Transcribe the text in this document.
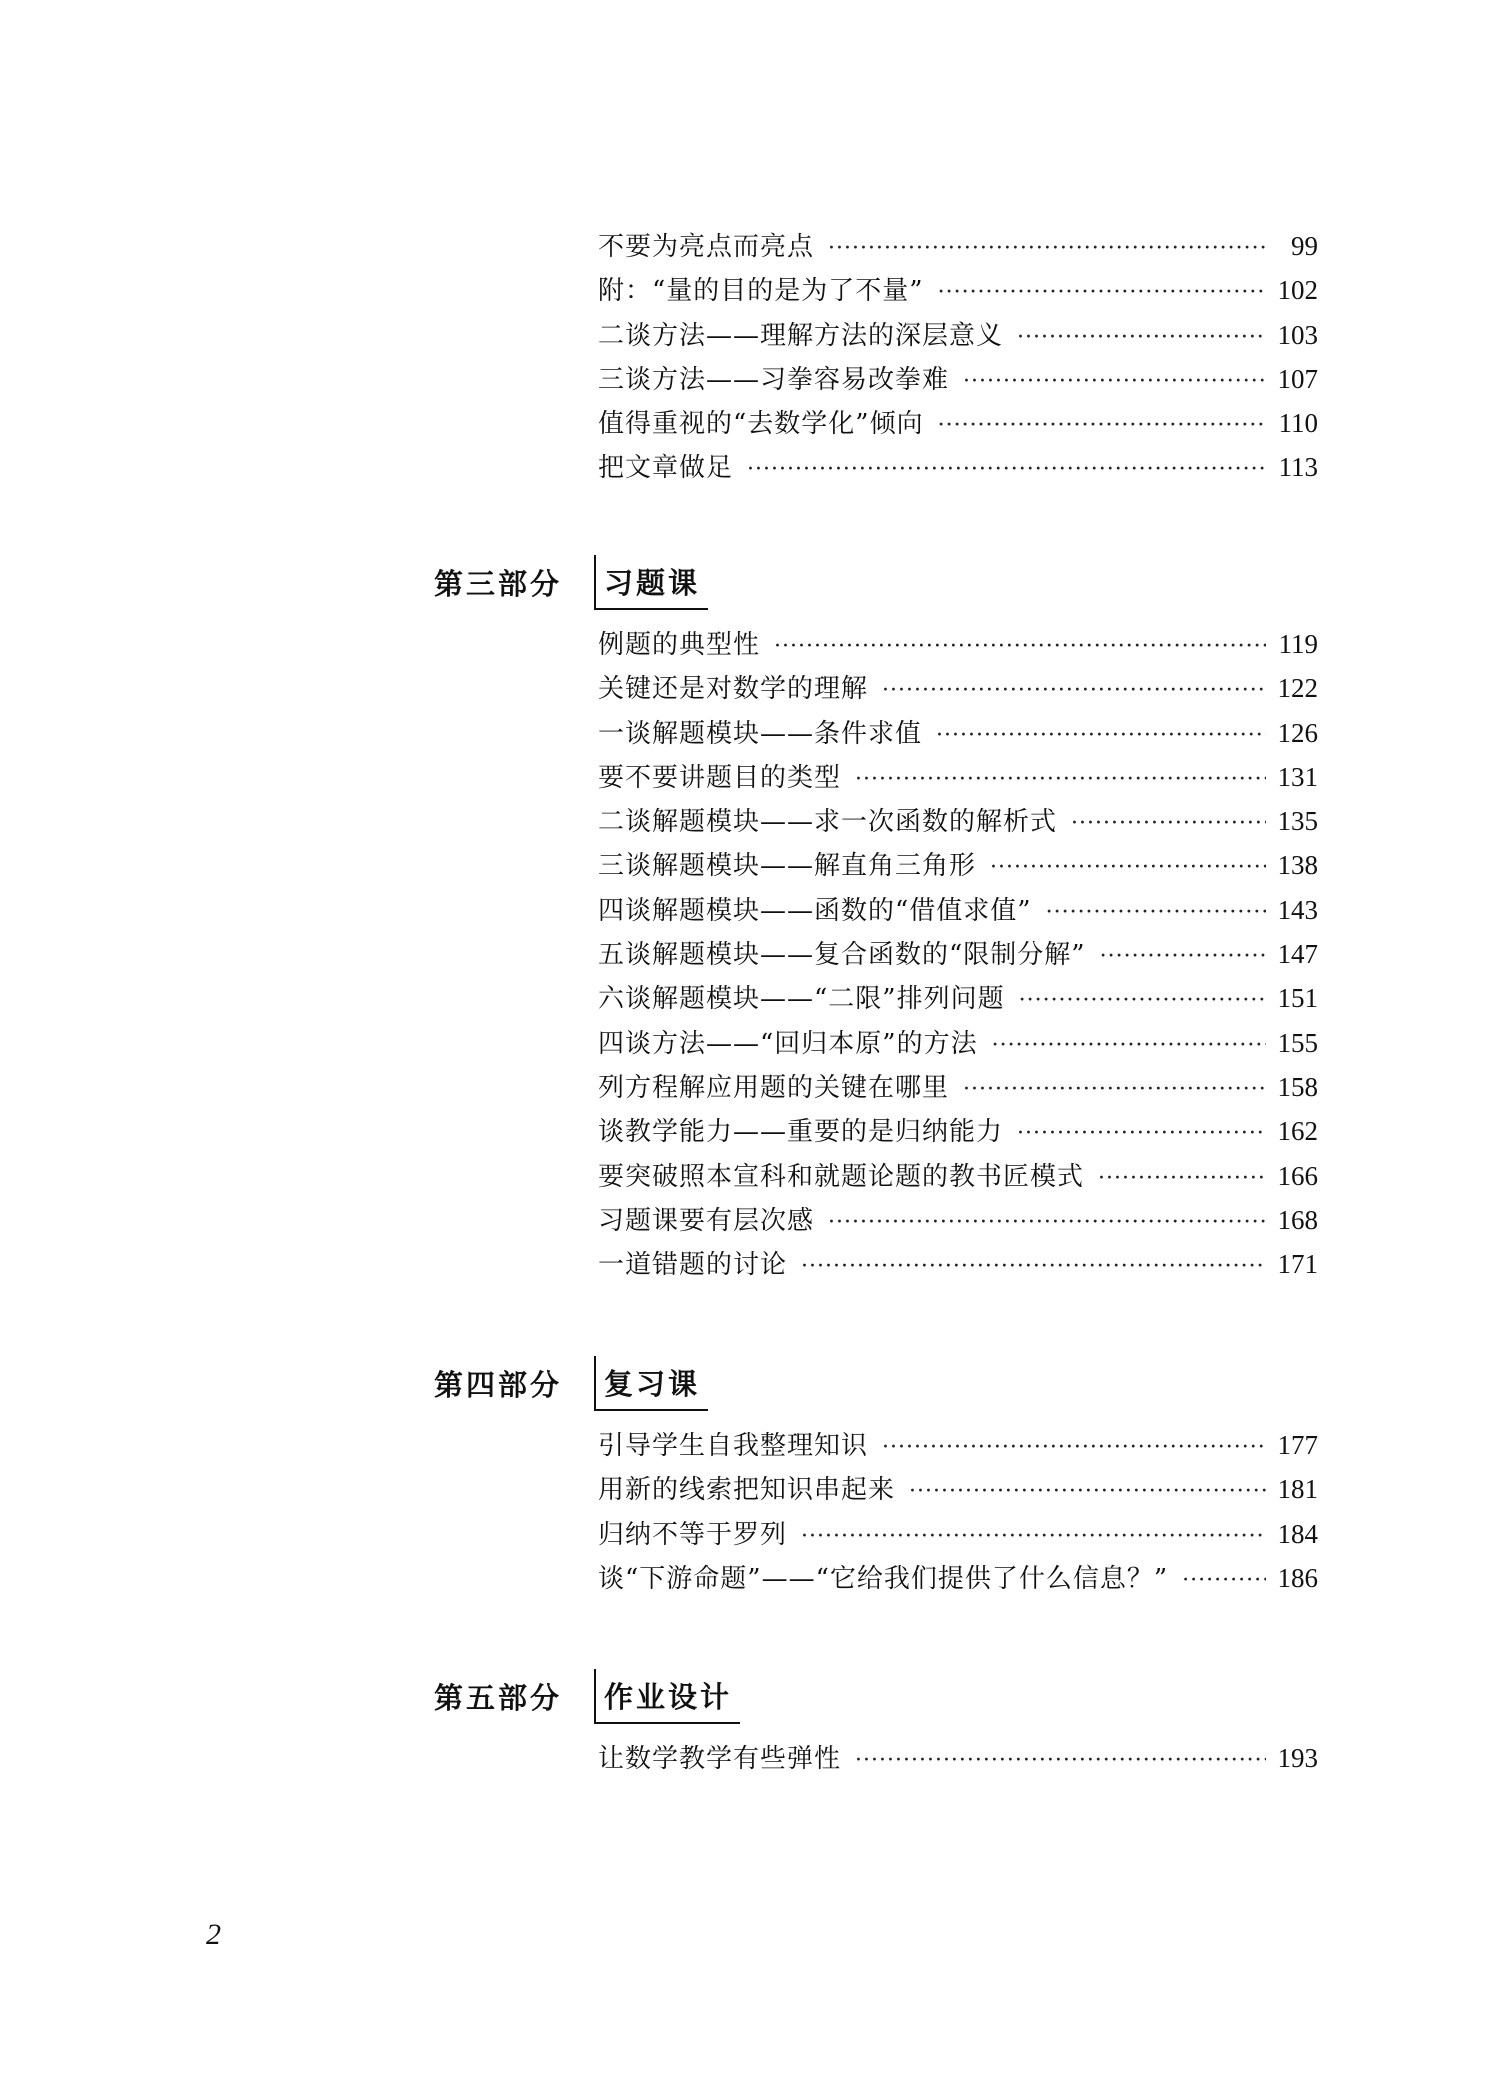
不要为亮点而亮点 ·····	99
附：“量的目的是为了不量” ·····	102
二谈方法——理解方法的深层意义 ·····	103
三谈方法——习拳容易改拳难 ·····	107
值得重视的“去数学化”倾向 ·····	110
把文章做足 ·····	113
第三部分	习题课
例题的典型性 ·····	119
关键还是对数学的理解 ·····	122
一谈解题模块——条件求值 ·····	126
要不要讲题目的类型 ·····	131
二谈解题模块——求一次函数的解析式 ·····	135
三谈解题模块——解直角三角形 ·····	138
四谈解题模块——函数的“借值求值” ·····	143
五谈解题模块——复合函数的“限制分解” ·····	147
六谈解题模块——“二限”排列问题 ·····	151
四谈方法——“回归本原”的方法 ·····	155
列方程解应用题的关键在哪里 ·····	158
谈教学能力——重要的是归纳能力 ·····	162
要突破照本宣科和就题论题的教书匠模式 ·····	166
习题课要有层次感 ·····	168
一道错题的讨论 ·····	171
第四部分	复习课
引导学生自我整理知识 ·····	177
用新的线索把知识串起来 ·····	181
归纳不等于罗列 ·····	184
谈“下游命题”——“它给我们提供了什么信息？” ·····	186
第五部分	作业设计
让数学教学有些弹性 ·····	193
2
